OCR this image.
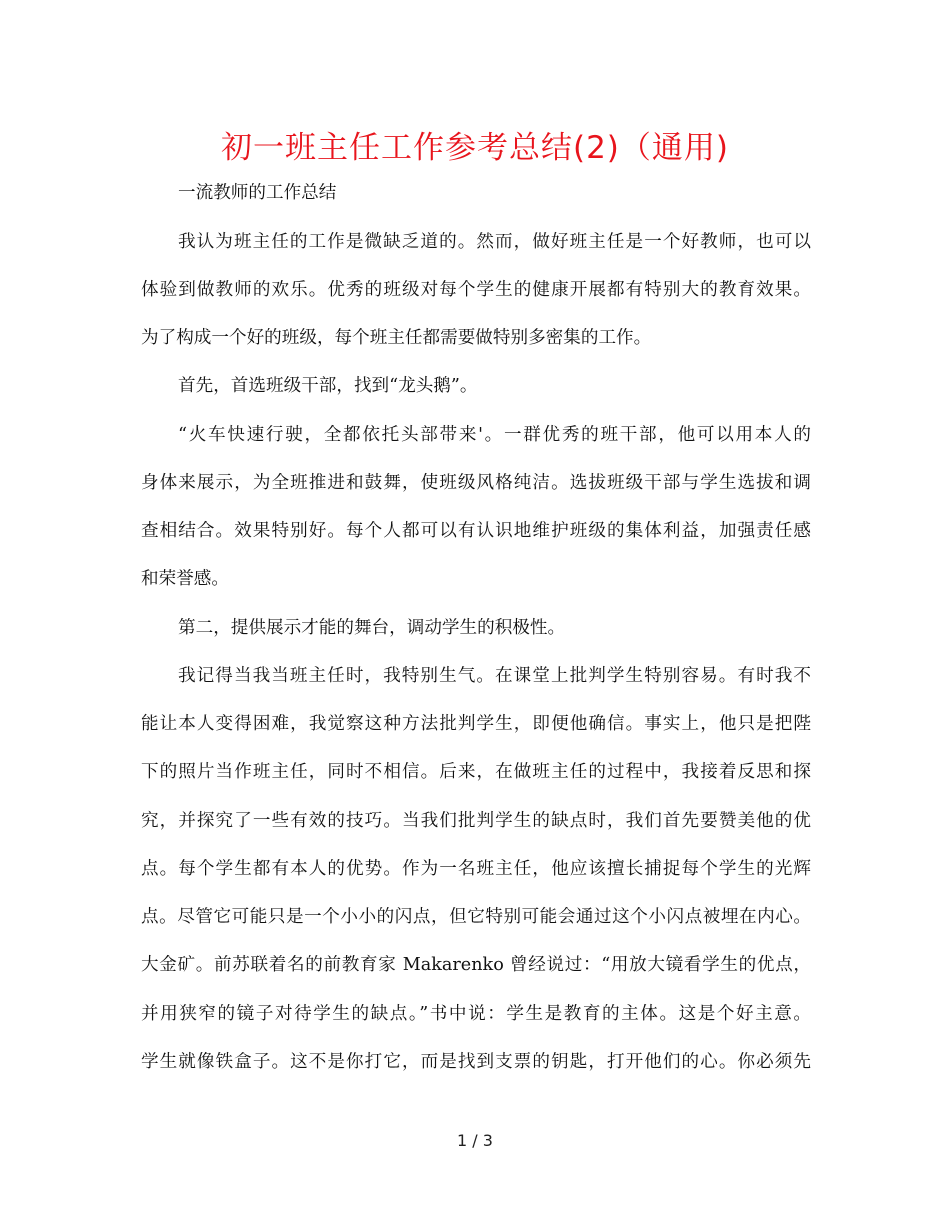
初一班主任工作参考总结(2)（通用)
一流教师的工作总结
我认为班主任的工作是微缺乏道的。然而，做好班主任是一个好教师，也可以
体验到做教师的欢乐。优秀的班级对每个学生的健康开展都有特别大的教育效果。
为了构成一个好的班级，每个班主任都需要做特别多密集的工作。
首先，首选班级干部，找到“龙头鹅”。
“火车快速行驶，全都依托头部带来'。一群优秀的班干部，他可以用本人的
身体来展示，为全班推进和鼓舞，使班级风格纯洁。选拔班级干部与学生选拔和调
查相结合。效果特别好。每个人都可以有认识地维护班级的集体利益，加强责任感
和荣誉感。
第二，提供展示才能的舞台，调动学生的积极性。
我记得当我当班主任时，我特别生气。在课堂上批判学生特别容易。有时我不
能让本人变得困难，我觉察这种方法批判学生，即便他确信。事实上，他只是把陛
下的照片当作班主任，同时不相信。后来，在做班主任的过程中，我接着反思和探
究，并探究了一些有效的技巧。当我们批判学生的缺点时，我们首先要赞美他的优
点。每个学生都有本人的优势。作为一名班主任，他应该擅长捕捉每个学生的光辉
点。尽管它可能只是一个小小的闪点，但它特别可能会通过这个小闪点被埋在内心。
大金矿。前苏联着名的前教育家 Makarenko 曾经说过：“用放大镜看学生的优点，
并用狭窄的镜子对待学生的缺点。”书中说：学生是教育的主体。这是个好主意。
学生就像铁盒子。这不是你打它，而是找到支票的钥匙，打开他们的心。你必须先
1 / 3
